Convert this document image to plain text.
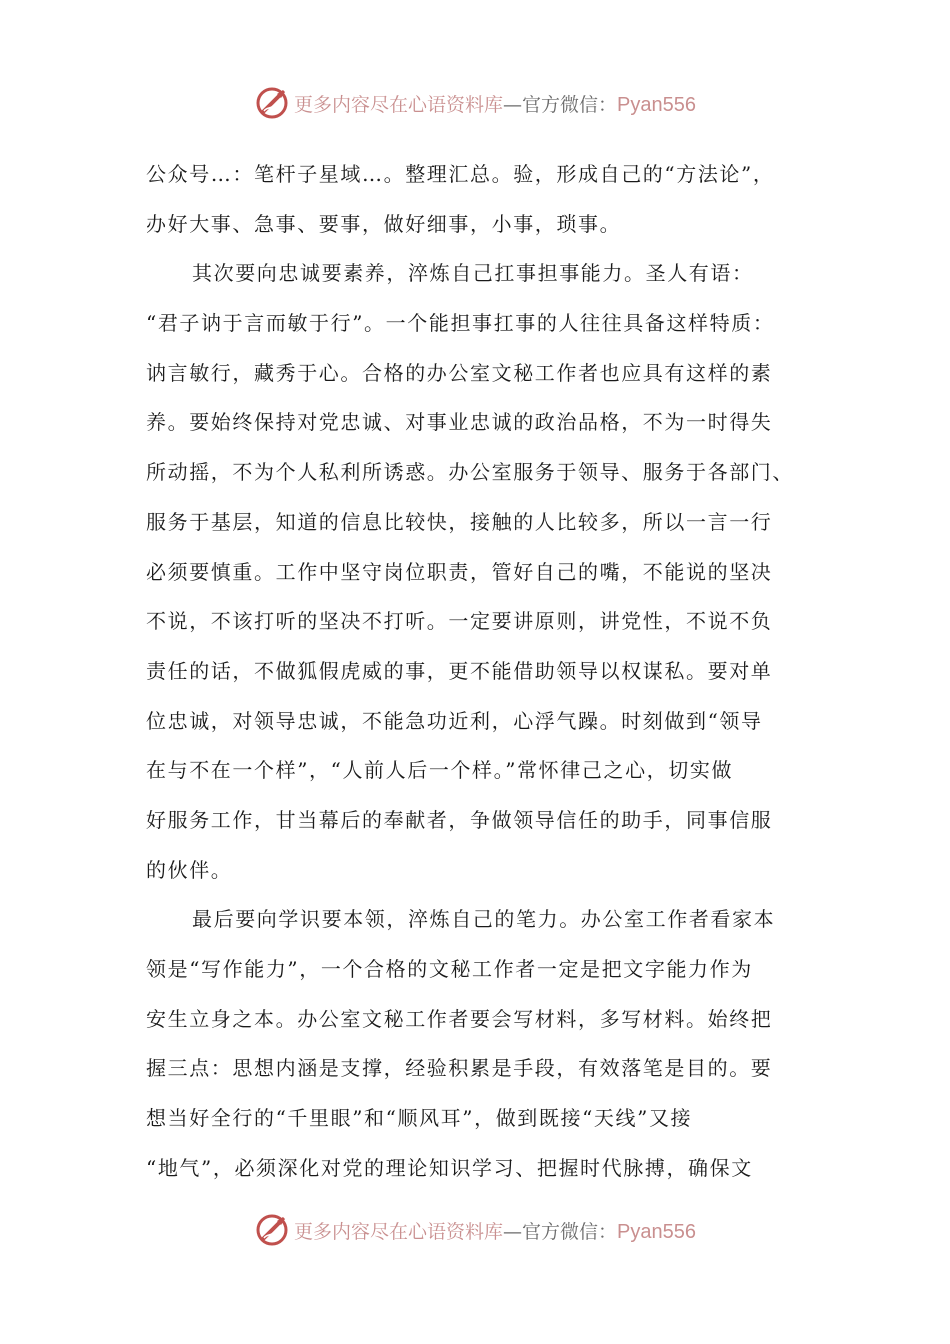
更多内容尽在心语资料库—官方微信：Pyan556
公众号…：笔杆子星域…。整理汇总。验，形成自己的“方法论”，
办好大事、急事、要事，做好细事，小事，琐事。
其次要向忠诚要素养，淬炼自己扛事担事能力。圣人有语：
“君子讷于言而敏于行”。一个能担事扛事的人往往具备这样特质：
讷言敏行，藏秀于心。合格的办公室文秘工作者也应具有这样的素
养。要始终保持对党忠诚、对事业忠诚的政治品格，不为一时得失
所动摇，不为个人私利所诱惑。办公室服务于领导、服务于各部门、
服务于基层，知道的信息比较快，接触的人比较多，所以一言一行
必须要慎重。工作中坚守岗位职责，管好自己的嘴，不能说的坚决
不说，不该打听的坚决不打听。一定要讲原则，讲党性，不说不负
责任的话，不做狐假虎威的事，更不能借助领导以权谋私。要对单
位忠诚，对领导忠诚，不能急功近利，心浮气躁。时刻做到“领导
在与不在一个样”，“人前人后一个样。”常怀律己之心，切实做
好服务工作，甘当幕后的奉献者，争做领导信任的助手，同事信服
的伙伴。
最后要向学识要本领，淬炼自己的笔力。办公室工作者看家本
领是“写作能力”，一个合格的文秘工作者一定是把文字能力作为
安生立身之本。办公室文秘工作者要会写材料，多写材料。始终把
握三点：思想内涵是支撑，经验积累是手段，有效落笔是目的。要
想当好全行的“千里眼”和“顺风耳”，做到既接“天线”又接
“地气”，必须深化对党的理论知识学习、把握时代脉搏，确保文
更多内容尽在心语资料库—官方微信：Pyan556
